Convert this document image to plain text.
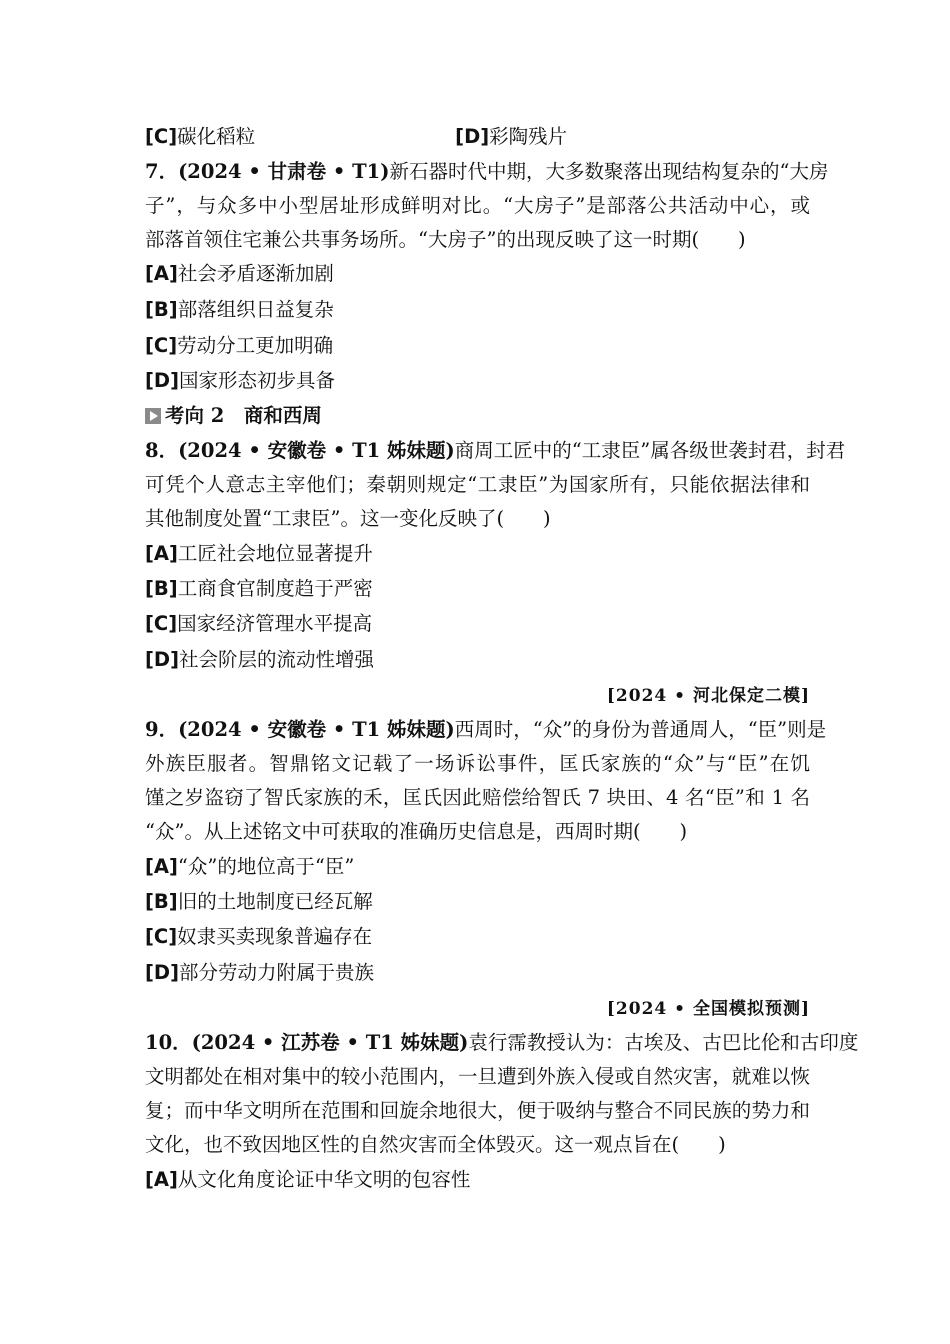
[C]碳化稻粒	[D]彩陶残片
7．(2024 • 甘肃卷 • T1)新石器时代中期，大多数聚落出现结构复杂的“大房
子”，与众多中小型居址形成鲜明对比。“大房子”是部落公共活动中心，或
部落首领住宅兼公共事务场所。“大房子”的出现反映了这一时期(　　)
[A]社会矛盾逐渐加剧
[B]部落组织日益复杂
[C]劳动分工更加明确
[D]国家形态初步具备
考向 2　商和西周
8．(2024 • 安徽卷 • T1 姊妹题)商周工匠中的“工隶臣”属各级世袭封君，封君
可凭个人意志主宰他们；秦朝则规定“工隶臣”为国家所有，只能依据法律和
其他制度处置“工隶臣”。这一变化反映了(　　)
[A]工匠社会地位显著提升
[B]工商食官制度趋于严密
[C]国家经济管理水平提高
[D]社会阶层的流动性增强
[2024 • 河北保定二模]
9．(2024 • 安徽卷 • T1 姊妹题)西周时，“众”的身份为普通周人，“臣”则是
外族臣服者。智鼎铭文记载了一场诉讼事件，匡氏家族的“众”与“臣”在饥
馑之岁盗窃了智氏家族的禾，匡氏因此赔偿给智氏 7 块田、4 名“臣”和 1 名
“众”。从上述铭文中可获取的准确历史信息是，西周时期(　　)
[A]“众”的地位高于“臣”
[B]旧的土地制度已经瓦解
[C]奴隶买卖现象普遍存在
[D]部分劳动力附属于贵族
[2024 • 全国模拟预测]
10．(2024 • 江苏卷 • T1 姊妹题)袁行霈教授认为：古埃及、古巴比伦和古印度
文明都处在相对集中的较小范围内，一旦遭到外族入侵或自然灾害，就难以恢
复；而中华文明所在范围和回旋余地很大，便于吸纳与整合不同民族的势力和
文化，也不致因地区性的自然灾害而全体毁灭。这一观点旨在(　　)
[A]从文化角度论证中华文明的包容性
